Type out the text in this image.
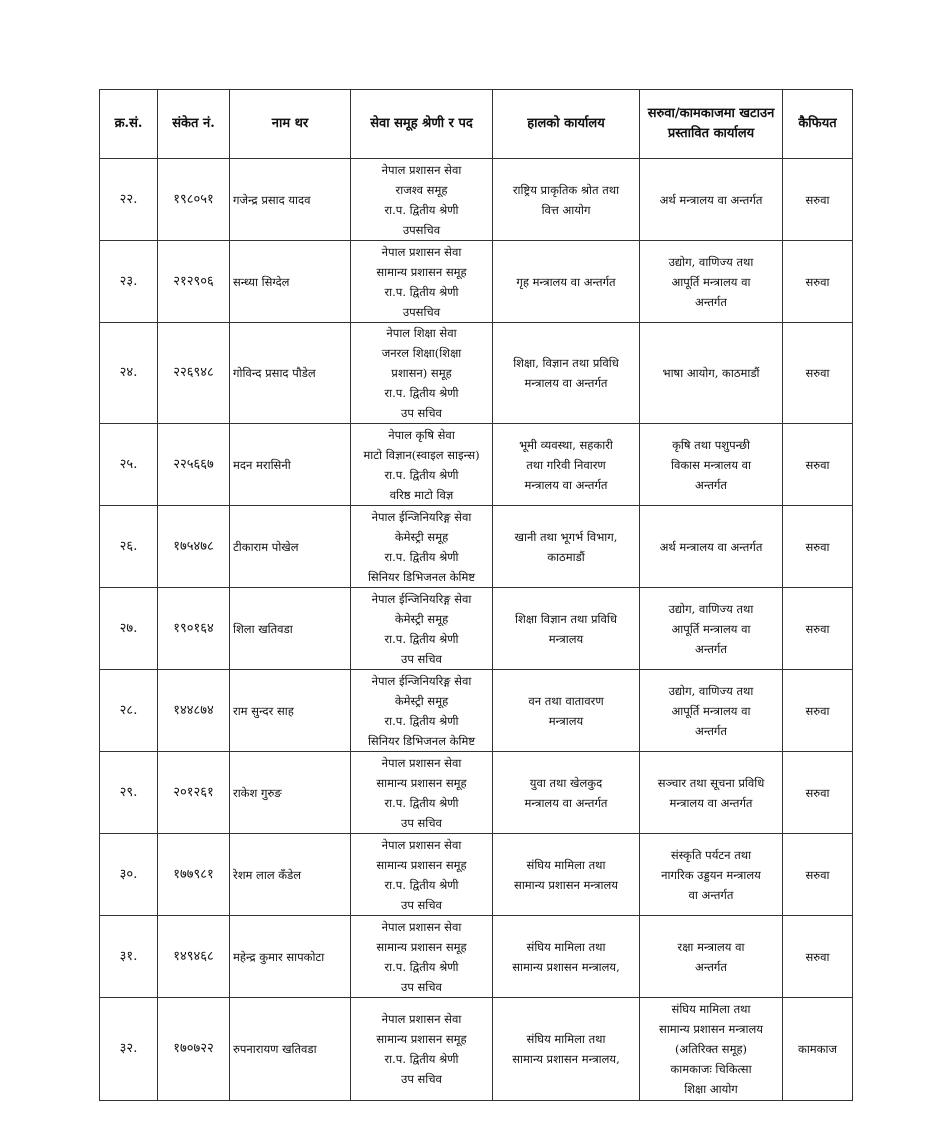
क्र.सं.	संकेत नं.	नाम थर	सेवा समूह श्रेणी र पद	हालको कार्यालय	सरुवा/कामकाजमा खटाउन प्रस्तावित कार्यालय	कैफियत
२२.	१९८०५१	गजेन्द्र प्रसाद यादव	नेपाल प्रशासन सेवा
राजश्व समूह
रा.प. द्वितीय श्रेणी
उपसचिव	राष्ट्रिय प्राकृतिक श्रोत तथा
वित्त आयोग	अर्थ मन्त्रालय वा अन्तर्गत	सरुवा
२३.	२१२९०६	सन्ध्या सिग्देल	नेपाल प्रशासन सेवा
सामान्य प्रशासन समूह
रा.प. द्वितीय श्रेणी
उपसचिव	गृह मन्त्रालय वा अन्तर्गत	उद्योग, वाणिज्य तथा
आपूर्ति मन्त्रालय वा
अन्तर्गत	सरुवा
२४.	२२६९४८	गोविन्द प्रसाद पौडेल	नेपाल शिक्षा सेवा
जनरल शिक्षा(शिक्षा
प्रशासन) समूह
रा.प. द्वितीय श्रेणी
उप सचिव	शिक्षा, विज्ञान तथा प्रविधि
मन्त्रालय वा अन्तर्गत	भाषा आयोग, काठमाडौं	सरुवा
२५.	२२५६६७	मदन मरासिनी	नेपाल कृषि सेवा
माटो विज्ञान(स्वाइल साइन्स)
रा.प. द्वितीय श्रेणी
वरिष्ठ माटो विज्ञ	भूमी व्यवस्था, सहकारी
तथा गरिवी निवारण
मन्त्रालय वा अन्तर्गत	कृषि तथा पशुपन्छी
विकास मन्त्रालय वा
अन्तर्गत	सरुवा
२६.	१७५४७८	टीकाराम पोखेल	नेपाल ईन्जिनियरिङ्ग सेवा
केमेस्ट्री समूह
रा.प. द्वितीय श्रेणी
सिनियर डिभिजनल केमिष्ट	खानी तथा भूगर्भ विभाग,
काठमाडौं	अर्थ मन्त्रालय वा अन्तर्गत	सरुवा
२७.	१९०१६४	शिला खतिवडा	नेपाल ईन्जिनियरिङ्ग सेवा
केमेस्ट्री समूह
रा.प. द्वितीय श्रेणी
उप सचिव	शिक्षा विज्ञान तथा प्रविधि
मन्त्रालय	उद्योग, वाणिज्य तथा
आपूर्ति मन्त्रालय वा
अन्तर्गत	सरुवा
२८.	१४४८७४	राम सुन्दर साह	नेपाल ईन्जिनियरिङ्ग सेवा
केमेस्ट्री समूह
रा.प. द्वितीय श्रेणी
सिनियर डिभिजनल केमिष्ट	वन तथा वातावरण
मन्त्रालय	उद्योग, वाणिज्य तथा
आपूर्ति मन्त्रालय वा
अन्तर्गत	सरुवा
२९.	२०१२६१	राकेश गुरुङ	नेपाल प्रशासन सेवा
सामान्य प्रशासन समूह
रा.प. द्वितीय श्रेणी
उप सचिव	युवा तथा खेलकुद
मन्त्रालय वा अन्तर्गत	सञ्चार तथा सूचना प्रविधि
मन्त्रालय वा अन्तर्गत	सरुवा
३०.	१७७९८१	रेशम लाल कँडेल	नेपाल प्रशासन सेवा
सामान्य प्रशासन समूह
रा.प. द्वितीय श्रेणी
उप सचिव	संघिय मामिला तथा
सामान्य प्रशासन मन्त्रालय	संस्कृति पर्यटन तथा
नागरिक उड्डयन मन्त्रालय
वा अन्तर्गत	सरुवा
३१.	१४९४६८	महेन्द्र कुमार सापकोटा	नेपाल प्रशासन सेवा
सामान्य प्रशासन समूह
रा.प. द्वितीय श्रेणी
उप सचिव	संघिय मामिला तथा
सामान्य प्रशासन मन्त्रालय,	रक्षा मन्त्रालय वा
अन्तर्गत	सरुवा
३२.	१७०७२२	रुपनारायण खतिवडा	नेपाल प्रशासन सेवा
सामान्य प्रशासन समूह
रा.प. द्वितीय श्रेणी
उप सचिव	संघिय मामिला तथा
सामान्य प्रशासन मन्त्रालय,	संघिय मामिला तथा
सामान्य प्रशासन मन्त्रालय
(अतिरिक्त समूह)
कामकाजः चिकित्सा
शिक्षा आयोग	कामकाज
